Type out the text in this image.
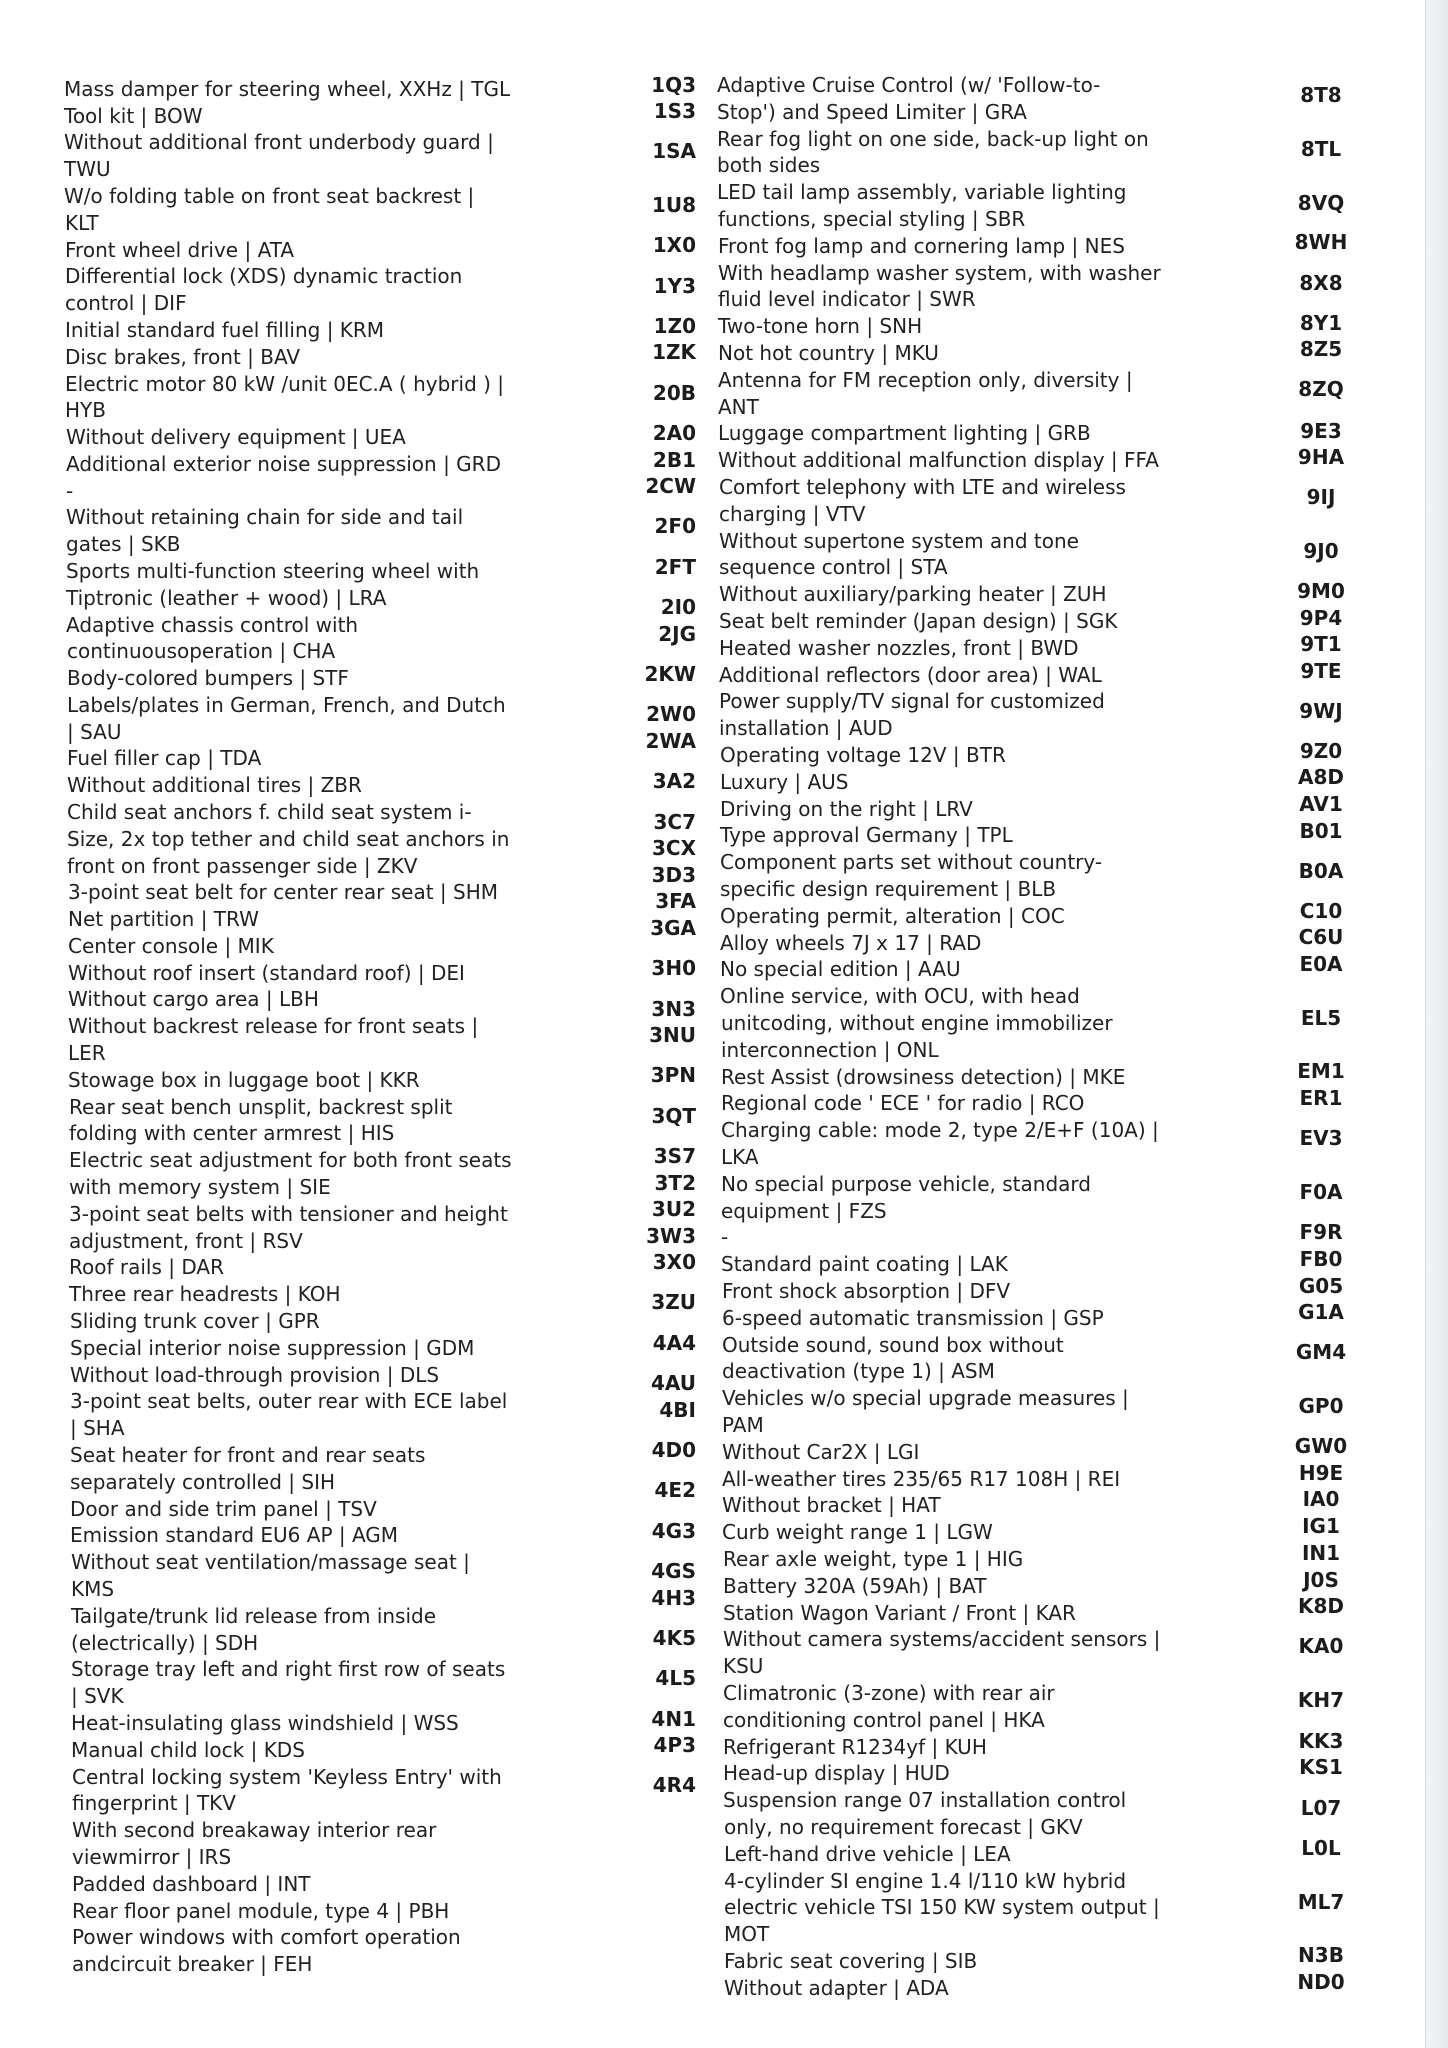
Mass damper for steering wheel, XXHz | TGL
Tool kit | BOW
Without additional front underbody guard |
TWU
W/o folding table on front seat backrest |
KLT
Front wheel drive | ATA
Differential lock (XDS) dynamic traction
control | DIF
Initial standard fuel filling | KRM
Disc brakes, front | BAV
Electric motor 80 kW /unit 0EC.A ( hybrid ) |
HYB
Without delivery equipment | UEA
Additional exterior noise suppression | GRD
-
Without retaining chain for side and tail
gates | SKB
Sports multi-function steering wheel with
Tiptronic (leather + wood) | LRA
Adaptive chassis control with
continuousoperation | CHA
Body-colored bumpers | STF
Labels/plates in German, French, and Dutch
| SAU
Fuel filler cap | TDA
Without additional tires | ZBR
Child seat anchors f. child seat system i-
Size, 2x top tether and child seat anchors in
front on front passenger side | ZKV
3-point seat belt for center rear seat | SHM
Net partition | TRW
Center console | MIK
Without roof insert (standard roof) | DEI
Without cargo area | LBH
Without backrest release for front seats |
LER
Stowage box in luggage boot | KKR
Rear seat bench unsplit, backrest split
folding with center armrest | HIS
Electric seat adjustment for both front seats
with memory system | SIE
3-point seat belts with tensioner and height
adjustment, front | RSV
Roof rails | DAR
Three rear headrests | KOH
Sliding trunk cover | GPR
Special interior noise suppression | GDM
Without load-through provision | DLS
3-point seat belts, outer rear with ECE label
| SHA
Seat heater for front and rear seats
separately controlled | SIH
Door and side trim panel | TSV
Emission standard EU6 AP | AGM
Without seat ventilation/massage seat |
KMS
Tailgate/trunk lid release from inside
(electrically) | SDH
Storage tray left and right first row of seats
| SVK
Heat-insulating glass windshield | WSS
Manual child lock | KDS
Central locking system 'Keyless Entry' with
fingerprint | TKV
With second breakaway interior rear
viewmirror | IRS
Padded dashboard | INT
Rear floor panel module, type 4 | PBH
Power windows with comfort operation
andcircuit breaker | FEH
1Q3
1S3
1SA
1U8
1X0
1Y3
1Z0
1ZK
20B
2A0
2B1
2CW
2F0
2FT
2I0
2JG
2KW
2W0
2WA
3A2
3C7
3CX
3D3
3FA
3GA
3H0
3N3
3NU
3PN
3QT
3S7
3T2
3U2
3W3
3X0
3ZU
4A4
4AU
4BI
4D0
4E2
4G3
4GS
4H3
4K5
4L5
4N1
4P3
4R4
Adaptive Cruise Control (w/ 'Follow-to-
Stop') and Speed Limiter | GRA
Rear fog light on one side, back-up light on
both sides
LED tail lamp assembly, variable lighting
functions, special styling | SBR
Front fog lamp and cornering lamp | NES
With headlamp washer system, with washer
fluid level indicator | SWR
Two-tone horn | SNH
Not hot country | MKU
Antenna for FM reception only, diversity |
ANT
Luggage compartment lighting | GRB
Without additional malfunction display | FFA
Comfort telephony with LTE and wireless
charging | VTV
Without supertone system and tone
sequence control | STA
Without auxiliary/parking heater | ZUH
Seat belt reminder (Japan design) | SGK
Heated washer nozzles, front | BWD
Additional reflectors (door area) | WAL
Power supply/TV signal for customized
installation | AUD
Operating voltage 12V | BTR
Luxury | AUS
Driving on the right | LRV
Type approval Germany | TPL
Component parts set without country-
specific design requirement | BLB
Operating permit, alteration | COC
Alloy wheels 7J x 17 | RAD
No special edition | AAU
Online service, with OCU, with head
unitcoding, without engine immobilizer
interconnection | ONL
Rest Assist (drowsiness detection) | MKE
Regional code ' ECE ' for radio | RCO
Charging cable: mode 2, type 2/E+F (10A) |
LKA
No special purpose vehicle, standard
equipment | FZS
-
Standard paint coating | LAK
Front shock absorption | DFV
6-speed automatic transmission | GSP
Outside sound, sound box without
deactivation (type 1) | ASM
Vehicles w/o special upgrade measures |
PAM
Without Car2X | LGI
All-weather tires 235/65 R17 108H | REI
Without bracket | HAT
Curb weight range 1 | LGW
Rear axle weight, type 1 | HIG
Battery 320A (59Ah) | BAT
Station Wagon Variant / Front | KAR
Without camera systems/accident sensors |
KSU
Climatronic (3-zone) with rear air
conditioning control panel | HKA
Refrigerant R1234yf | KUH
Head-up display | HUD
Suspension range 07 installation control
only, no requirement forecast | GKV
Left-hand drive vehicle | LEA
4-cylinder SI engine 1.4 l/110 kW hybrid
electric vehicle TSI 150 KW system output |
MOT
Fabric seat covering | SIB
Without adapter | ADA
8T8
8TL
8VQ
8WH
8X8
8Y1
8Z5
8ZQ
9E3
9HA
9IJ
9J0
9M0
9P4
9T1
9TE
9WJ
9Z0
A8D
AV1
B01
B0A
C10
C6U
E0A
EL5
EM1
ER1
EV3
F0A
F9R
FB0
G05
G1A
GM4
GP0
GW0
H9E
IA0
IG1
IN1
J0S
K8D
KA0
KH7
KK3
KS1
L07
L0L
ML7
N3B
ND0
